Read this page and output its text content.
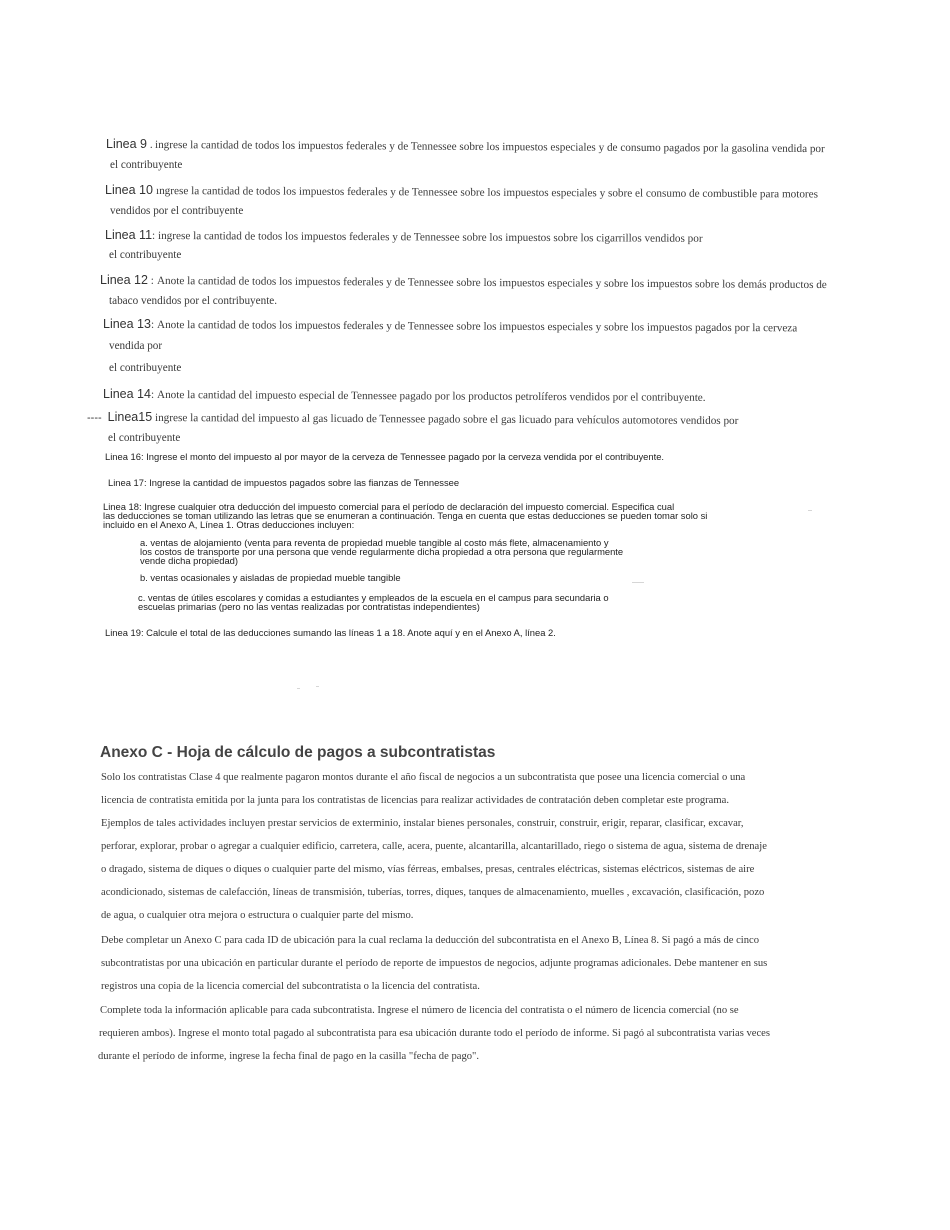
Linea 9 . ingrese la cantidad de todos los impuestos federales y de Tennessee sobre los impuestos especiales y de consumo pagados por la gasolina vendida por
el contribuyente
Linea 10 ıngrese la cantidad de todos los impuestos federales y de Tennessee sobre los impuestos especiales y sobre el consumo de combustible para motores
vendidos por el contribuyente
Linea 11: ingrese la cantidad de todos los impuestos federales y de Tennessee sobre los impuestos sobre los cigarrillos vendidos por
el contribuyente
Linea 12 : Anote la cantidad de todos los impuestos federales y de Tennessee sobre los impuestos especiales y sobre los impuestos sobre los demás productos de
tabaco vendidos por el contribuyente.
Linea 13: Anote la cantidad de todos los impuestos federales y de Tennessee sobre los impuestos especiales y sobre los impuestos pagados por la cerveza
vendida por
el contribuyente
Linea 14: Anote la cantidad del impuesto especial de Tennessee pagado por los productos petrolíferos vendidos por el contribuyente.
---- Linea15 ingrese la cantidad del impuesto al gas licuado de Tennessee pagado sobre el gas licuado para vehículos automotores vendidos por
el contribuyente
Linea 16: Ingrese el monto del impuesto al por mayor de la cerveza de Tennessee pagado por la cerveza vendida por el contribuyente.
Linea 17: Ingrese la cantidad de impuestos pagados sobre las fianzas de Tennessee
Linea 18: Ingrese cualquier otra deducción del impuesto comercial para el período de declaración del impuesto comercial. Especifica cual
las deducciones se toman utilizando las letras que se enumeran a continuación. Tenga en cuenta que estas deducciones se pueden tomar solo si
incluido en el Anexo A, Línea 1. Otras deducciones incluyen:
a. ventas de alojamiento (venta para reventa de propiedad mueble tangible al costo más flete, almacenamiento y
los costos de transporte por una persona que vende regularmente dicha propiedad a otra persona que regularmente
vende dicha propiedad)
b. ventas ocasionales y aisladas de propiedad mueble tangible
c. ventas de útiles escolares y comidas a estudiantes y empleados de la escuela en el campus para secundaria o
escuelas primarias (pero no las ventas realizadas por contratistas independientes)
Linea 19: Calcule el total de las deducciones sumando las líneas 1 a 18. Anote aquí y en el Anexo A, línea 2.
Anexo C - Hoja de cálculo de pagos a subcontratistas
Solo los contratistas Clase 4 que realmente pagaron montos durante el año fiscal de negocios a un subcontratista que posee una licencia comercial o una
licencia de contratista emitida por la junta para los contratistas de licencias para realizar actividades de contratación deben completar este programa.
Ejemplos de tales actividades incluyen prestar servicios de exterminio, instalar bienes personales, construir, construir, erigir, reparar, clasificar, excavar,
perforar, explorar, probar o agregar a cualquier edificio, carretera, calle, acera, puente, alcantarilla, alcantarillado, riego o sistema de agua, sistema de drenaje
o dragado, sistema de diques o diques o cualquier parte del mismo, vías férreas, embalses, presas, centrales eléctricas, sistemas eléctricos, sistemas de aire
acondicionado, sistemas de calefacción, líneas de transmisión, tuberías, torres, diques, tanques de almacenamiento, muelles , excavación, clasificación, pozo
de agua, o cualquier otra mejora o estructura o cualquier parte del mismo.
Debe completar un Anexo C para cada ID de ubicación para la cual reclama la deducción del subcontratista en el Anexo B, Línea 8. Si pagó a más de cinco
subcontratistas por una ubicación en particular durante el período de reporte de impuestos de negocios, adjunte programas adicionales. Debe mantener en sus
registros una copia de la licencia comercial del subcontratista o la licencia del contratista.
Complete toda la información aplicable para cada subcontratista. Ingrese el número de licencia del contratista o el número de licencia comercial (no se
requieren ambos). Ingrese el monto total pagado al subcontratista para esa ubicación durante todo el período de informe. Si pagó al subcontratista varias veces
durante el período de informe, ingrese la fecha final de pago en la casilla "fecha de pago".
